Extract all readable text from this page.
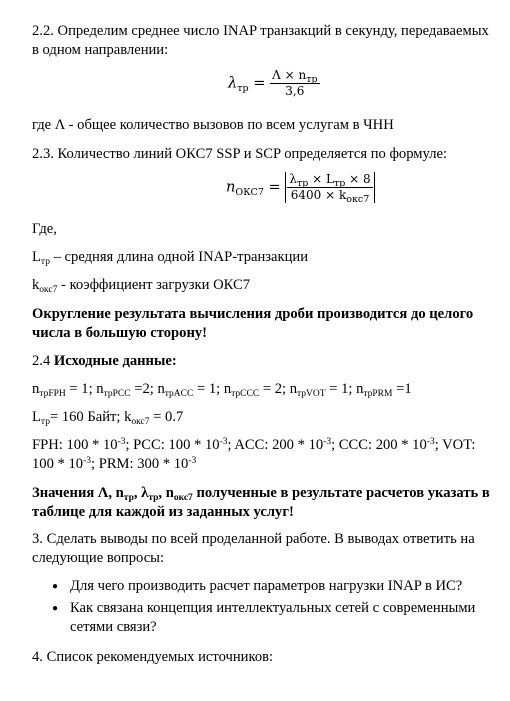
2.2. Определим среднее число INAP транзакций в секунду, передаваемых в одном направлении:

$\lambda_{тр} = \frac{\Lambda \times n_{тр}}{3,6}$

где Λ - общее количество вызовов по всем услугам в ЧНН

2.3. Количество линий ОКС7 SSP и SCP определяется по формуле:

$n_{ОКС7} = \frac{\lambda_{тр} \times L_{тр} \times 8}{6400 \times k_{окс7}}$

Где,

$L_{тр}$ – средняя длина одной INAP-транзакции

$k_{окс7}$ - коэффициент загрузки ОКС7

Округление результата вычисления дроби производится до целого числа в большую сторону!

2.4 Исходные данные:

$n_{трFPH} = 1$; $n_{трPCC} =2$; $n_{трACC} = 1$; $n_{трCCC} = 2$; $n_{трVOT} = 1$; $n_{трPRM} =1$

$L_{тр}= 160$ Байт; $k_{окс7} = 0.7$

FPH: $100 * 10^{-3}$; PCC: $100 * 10^{-3}$; ACC: $200 * 10^{-3}$; CCC: $200 * 10^{-3}$; VOT: $100 * 10^{-3}$; PRM: $300 * 10^{-3}$

Значения Λ, $n_{тр}$, $\lambda_{тр}$, $n_{окс7}$ полученные в результате расчетов указать в таблице для каждой из заданных услуг!

3. Сделать выводы по всей проделанной работе. В выводах ответить на следующие вопросы:

● Для чего производить расчет параметров нагрузки INAP в ИС?
● Как связана концепция интеллектуальных сетей с современными сетями связи?

4. Список рекомендуемых источников:
